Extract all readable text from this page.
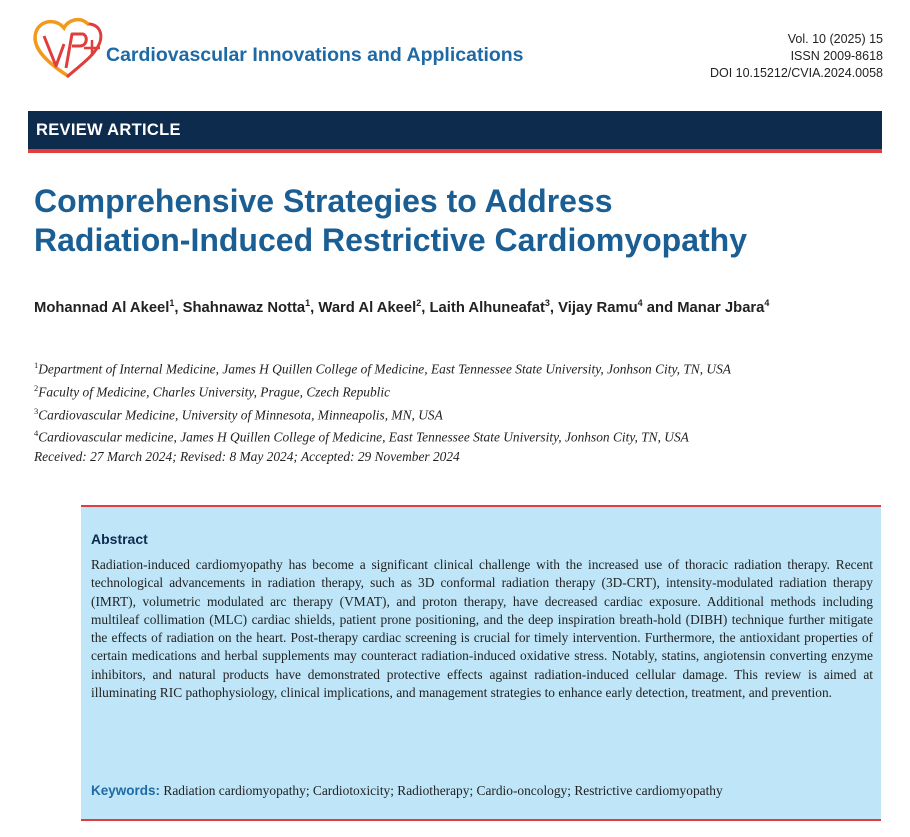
Cardiovascular Innovations and Applications
Vol. 10 (2025) 15
ISSN 2009-8618
DOI 10.15212/CVIA.2024.0058
REVIEW ARTICLE
Comprehensive Strategies to Address
Radiation-Induced Restrictive Cardiomyopathy
Mohannad Al Akeel$^1$, Shahnawaz Notta$^1$, Ward Al Akeel$^2$, Laith Alhuneafat$^3$, Vijay Ramu$^4$ and Manar Jbara$^4$
$^1$Department of Internal Medicine, James H Quillen College of Medicine, East Tennessee State University, Jonhson City, TN, USA
$^2$Faculty of Medicine, Charles University, Prague, Czech Republic
$^3$Cardiovascular Medicine, University of Minnesota, Minneapolis, MN, USA
$^4$Cardiovascular medicine, James H Quillen College of Medicine, East Tennessee State University, Jonhson City, TN, USA
Received: 27 March 2024; Revised: 8 May 2024; Accepted: 29 November 2024
Abstract
Radiation-induced cardiomyopathy has become a significant clinical challenge with the increased use of thoracic radiation therapy. Recent technological advancements in radiation therapy, such as 3D conformal radiation therapy (3D-CRT), intensity-modulated radiation therapy (IMRT), volumetric modulated arc therapy (VMAT), and proton therapy, have decreased cardiac exposure. Additional methods including multileaf collimation (MLC) cardiac shields, patient prone positioning, and the deep inspiration breath-hold (DIBH) technique further mitigate the effects of radiation on the heart. Post-therapy cardiac screening is crucial for timely intervention. Furthermore, the antioxidant properties of certain medications and herbal supplements may counteract radiation-induced oxidative stress. Notably, statins, angiotensin converting enzyme inhibitors, and natural products have demonstrated protective effects against radiation-induced cellular damage. This review is aimed at illuminating RIC pathophysiology, clinical implications, and management strategies to enhance early detection, treatment, and prevention.
Keywords: Radiation cardiomyopathy; Cardiotoxicity; Radiotherapy; Cardio-oncology; Restrictive cardiomyopathy
